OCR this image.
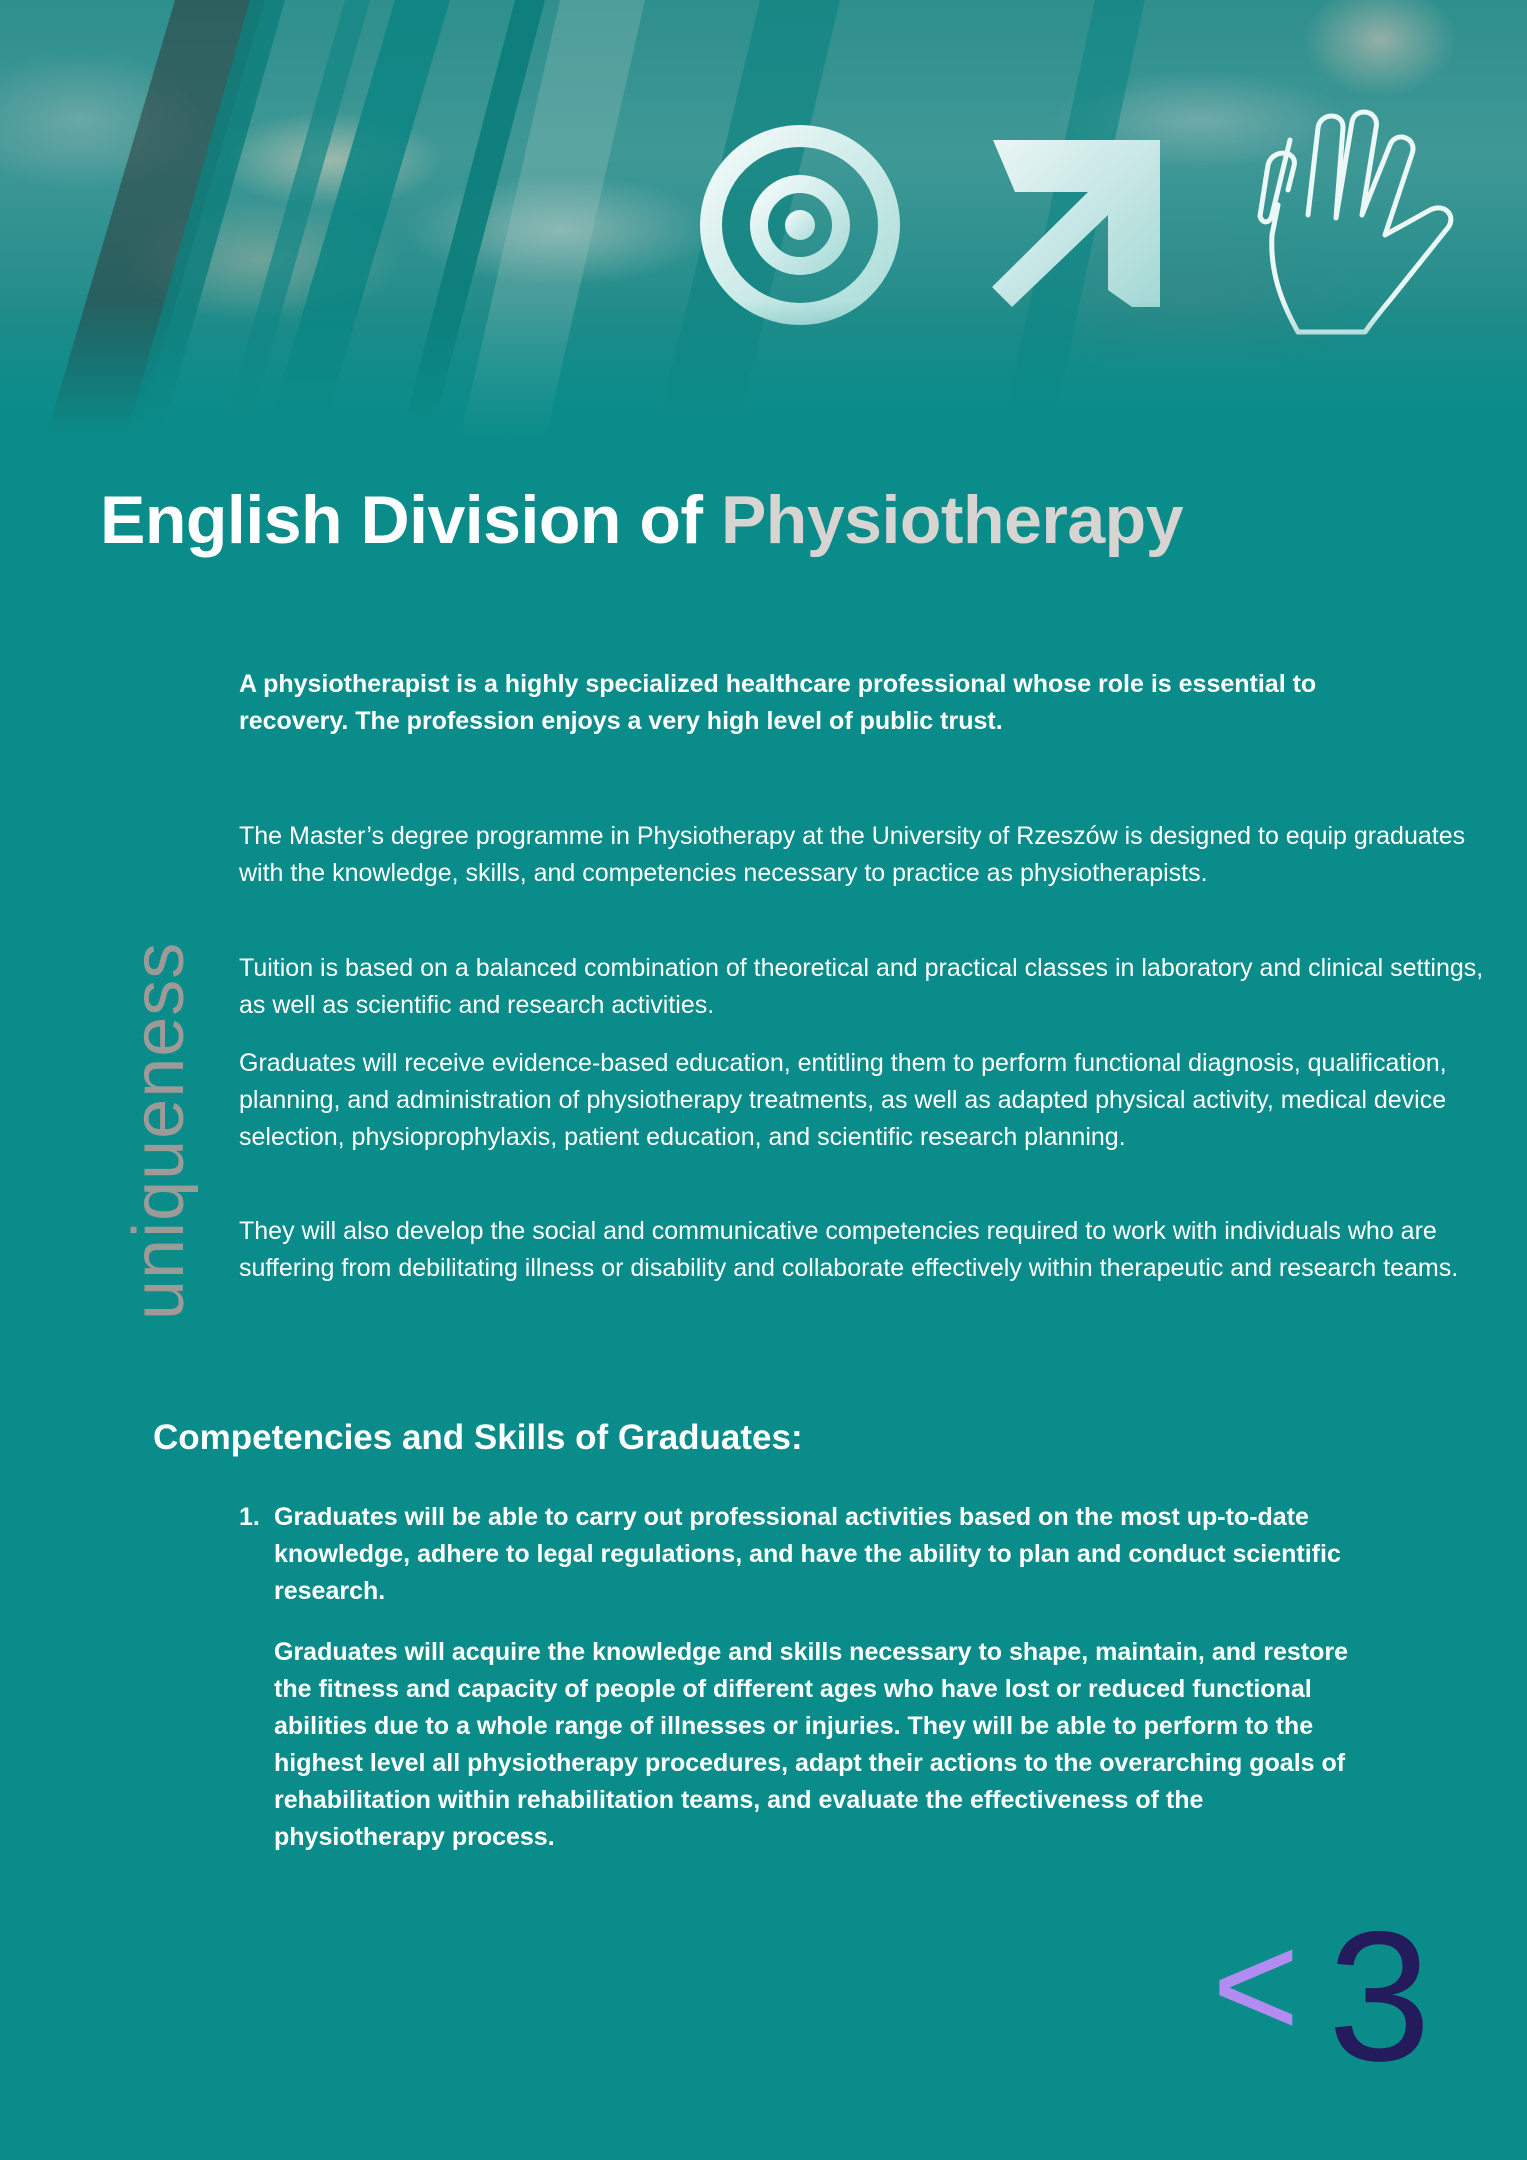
English Division of Physiotherapy
uniqueness

A physiotherapist is a highly specialized healthcare professional whose role is essential to recovery. The profession enjoys a very high level of public trust.

The Master’s degree programme in Physiotherapy at the University of Rzeszów is designed to equip graduates with the knowledge, skills, and competencies necessary to practice as physiotherapists.

Tuition is based on a balanced combination of theoretical and practical classes in laboratory and clinical settings, as well as scientific and research activities.

Graduates will receive evidence-based education, entitling them to perform functional diagnosis, qualification, planning, and administration of physiotherapy treatments, as well as adapted physical activity, medical device selection, physioprophylaxis, patient education, and scientific research planning.

They will also develop the social and communicative competencies required to work with individuals who are suffering from debilitating illness or disability and collaborate effectively within therapeutic and research teams.

Competencies and Skills of Graduates:
1. Graduates will be able to carry out professional activities based on the most up-to-date knowledge, adhere to legal regulations, and have the ability to plan and conduct scientific research.

Graduates will acquire the knowledge and skills necessary to shape, maintain, and restore the fitness and capacity of people of different ages who have lost or reduced functional abilities due to a whole range of illnesses or injuries. They will be able to perform to the highest level all physiotherapy procedures, adapt their actions to the overarching goals of rehabilitation within rehabilitation teams, and evaluate the effectiveness of the physiotherapy process.

< 3
